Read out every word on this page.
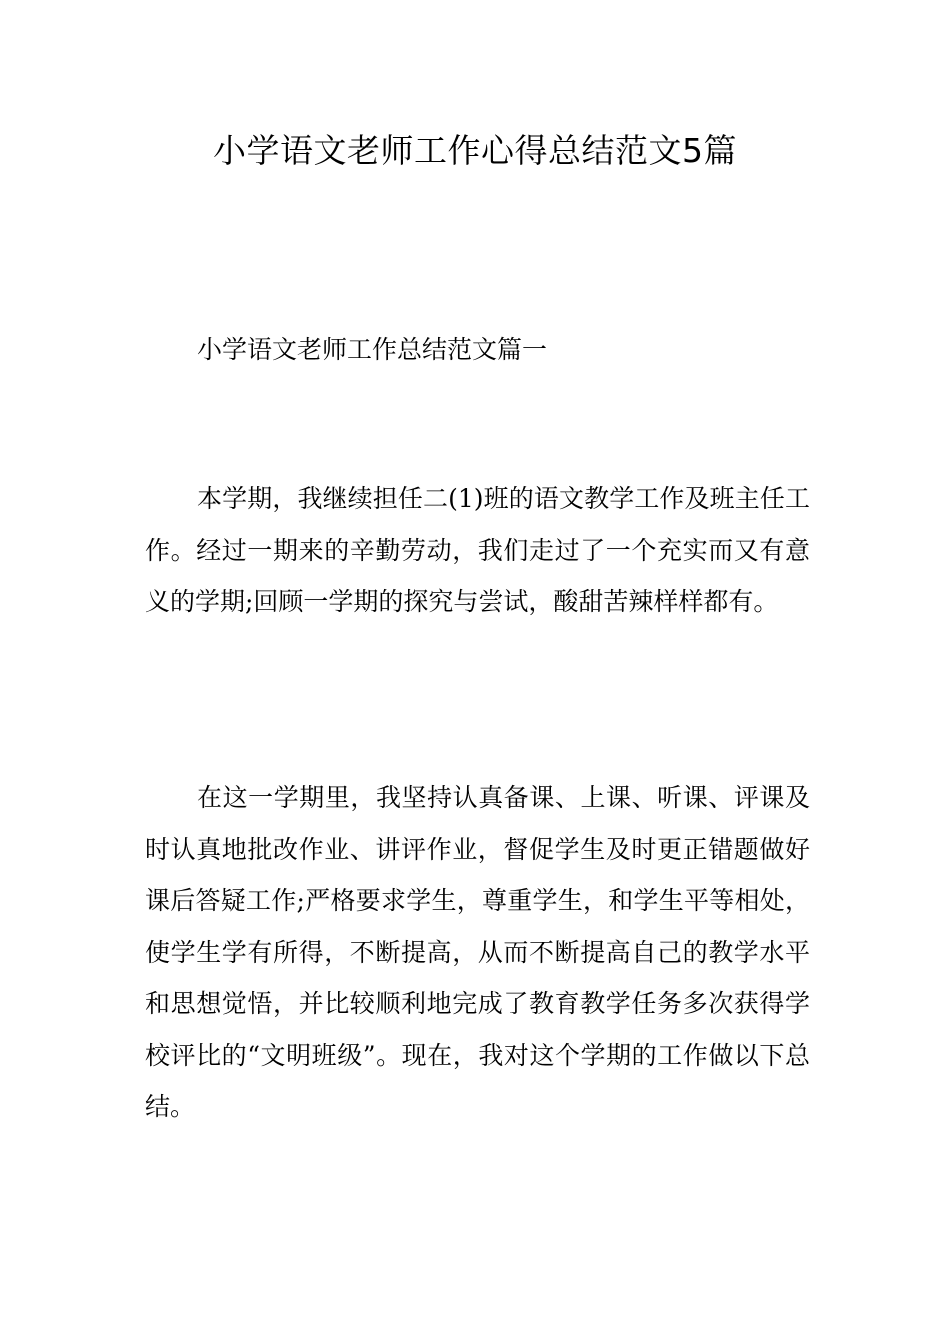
小学语文老师工作心得总结范文5篇
小学语文老师工作总结范文篇一

本学期，我继续担任二(1)班的语文教学工作及班主任工作。经过一期来的辛勤劳动，我们走过了一个充实而又有意义的学期;回顾一学期的探究与尝试，酸甜苦辣样样都有。

在这一学期里，我坚持认真备课、上课、听课、评课及时认真地批改作业、讲评作业，督促学生及时更正错题做好课后答疑工作;严格要求学生，尊重学生，和学生平等相处，使学生学有所得，不断提高，从而不断提高自己的教学水平和思想觉悟，并比较顺利地完成了教育教学任务多次获得学校评比的“文明班级”。现在，我对这个学期的工作做以下总结。
